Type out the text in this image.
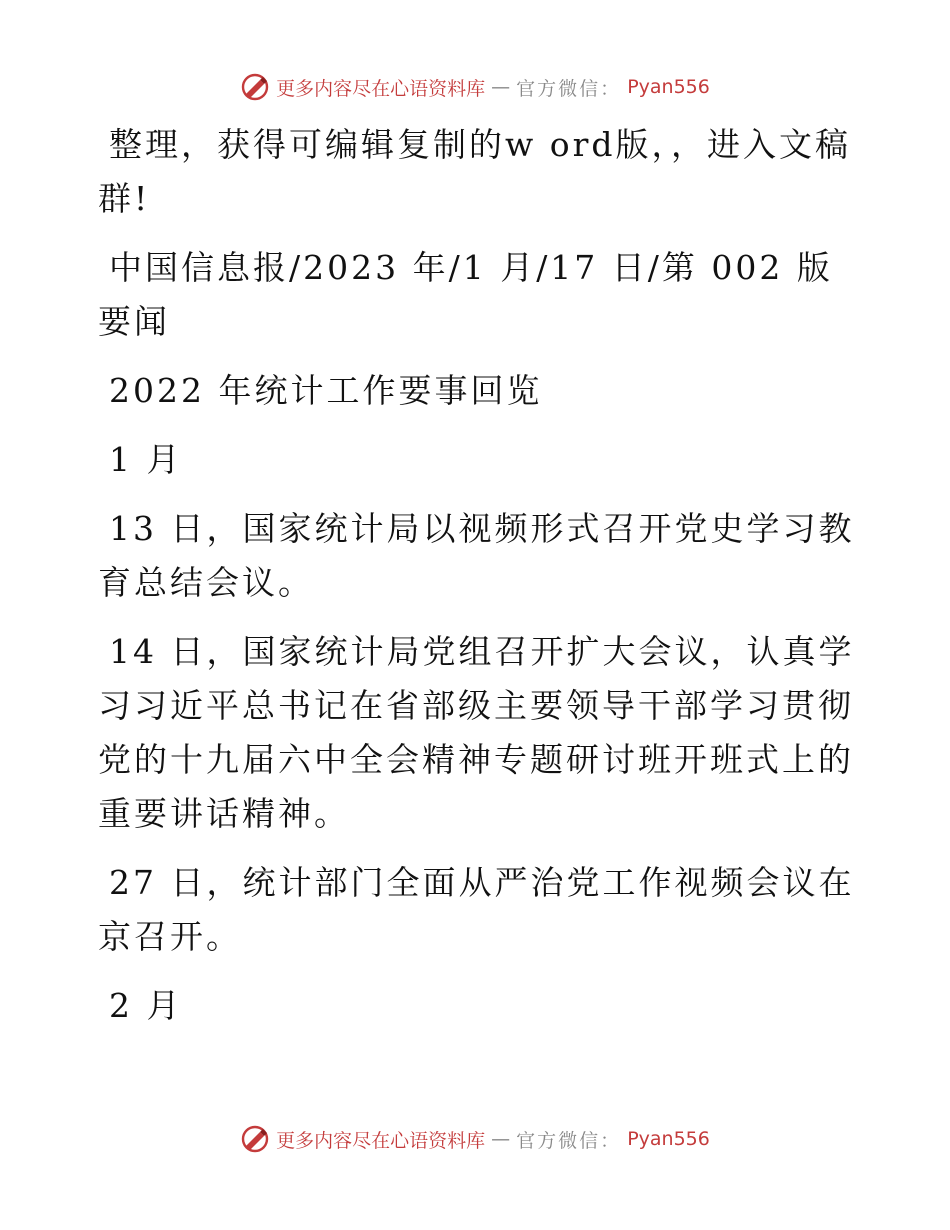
更多内容尽在心语资料库 — 官方微信： Pyan556

整理，获得可编辑复制的w ord版，，进入文稿群!

中国信息报/2023 年/1 月/17 日/第 002 版要闻

2022 年统计工作要事回览

1 月

13 日，国家统计局以视频形式召开党史学习教育总结会议。

14 日，国家统计局党组召开扩大会议，认真学习习近平总书记在省部级主要领导干部学习贯彻党的十九届六中全会精神专题研讨班开班式上的重要讲话精神。

27 日，统计部门全面从严治党工作视频会议在京召开。

2 月

更多内容尽在心语资料库 — 官方微信： Pyan556
